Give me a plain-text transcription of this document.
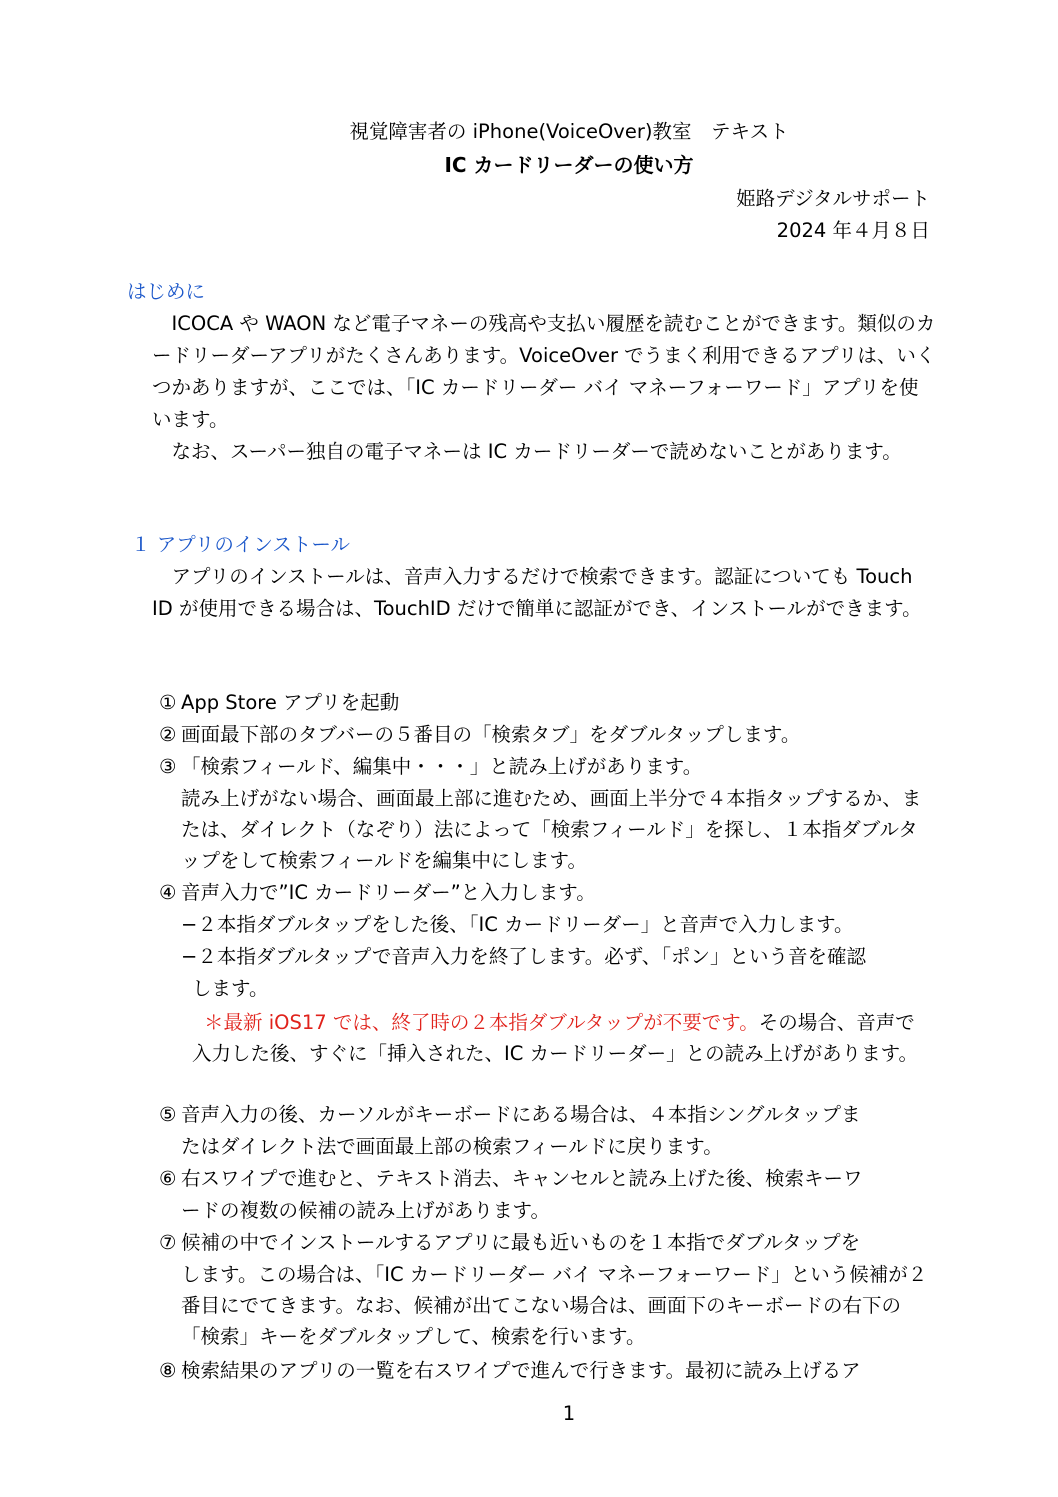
視覚障害者の iPhone(VoiceOver)教室　テキスト
IC カードリーダーの使い方
姫路デジタルサポート
2024 年４月８日
はじめに
ICOCA や WAON など電子マネーの残高や支払い履歴を読むことができます。類似のカードリーダーアプリがたくさんあります。VoiceOver でうまく利用できるアプリは、いくつかありますが、ここでは、「IC カードリーダー バイ マネーフォーワード」アプリを使います。
なお、スーパー独自の電子マネーは IC カードリーダーで読めないことがあります。
１ アプリのインストール
アプリのインストールは、音声入力するだけで検索できます。認証についても Touch ID が使用できる場合は、TouchID だけで簡単に認証ができ、インストールができます。
① App Store アプリを起動
② 画面最下部のタブバーの５番目の「検索タブ」をダブルタップします。
③ 「検索フィールド、編集中・・・」と読み上げがあります。
読み上げがない場合、画面最上部に進むため、画面上半分で４本指タップするか、または、ダイレクト（なぞり）法によって「検索フィールド」を探し、１本指ダブルタップをして検索フィールドを編集中にします。
④ 音声入力で”IC カードリーダー”と入力します。
−２本指ダブルタップをした後、「IC カードリーダー」と音声で入力します。
−２本指ダブルタップで音声入力を終了します。必ず、「ポン」という音を確認
します。
＊最新 iOS17 では、終了時の２本指ダブルタップが不要です。その場合、音声で入力した後、すぐに「挿入された、IC カードリーダー」との読み上げがあります。
⑤ 音声入力の後、カーソルがキーボードにある場合は、４本指シングルタップま
たはダイレクト法で画面最上部の検索フィールドに戻ります。
⑥ 右スワイプで進むと、テキスト消去、キャンセルと読み上げた後、検索キーワ
ードの複数の候補の読み上げがあります。
⑦ 候補の中でインストールするアプリに最も近いものを１本指でダブルタップを
します。この場合は、「IC カードリーダー バイ マネーフォーワード」という候補が２番目にでてきます。なお、候補が出てこない場合は、画面下のキーボードの右下の「検索」キーをダブルタップして、検索を行います。
⑧ 検索結果のアプリの一覧を右スワイプで進んで行きます。最初に読み上げるア
1
